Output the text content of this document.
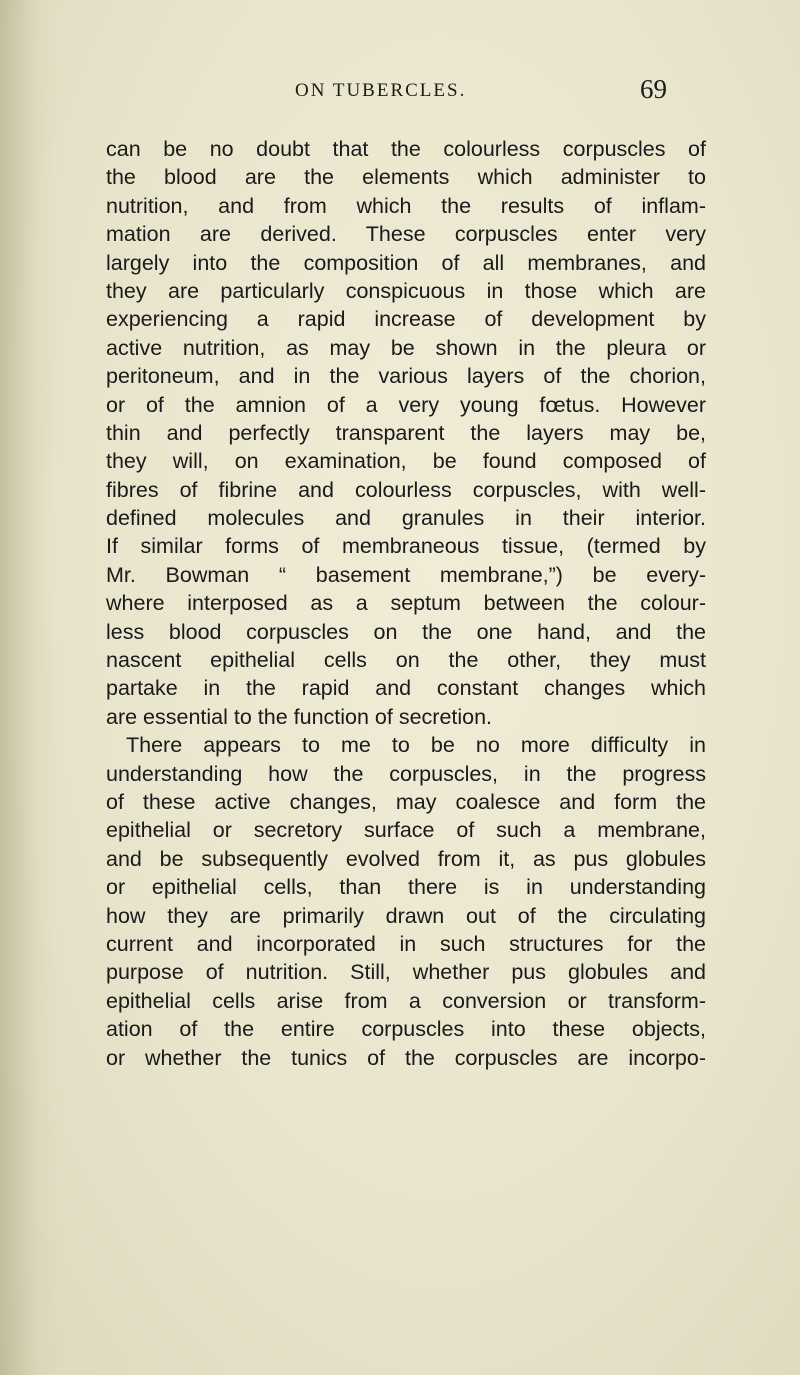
ON TUBERCLES.	69
can be no doubt that the colourless corpuscles of
the blood are the elements which administer to
nutrition, and from which the results of inflam-
mation are derived. These corpuscles enter very
largely into the composition of all membranes, and
they are particularly conspicuous in those which are
experiencing a rapid increase of development by
active nutrition, as may be shown in the pleura or
peritoneum, and in the various layers of the chorion,
or of the amnion of a very young fœtus. However
thin and perfectly transparent the layers may be,
they will, on examination, be found composed of
fibres of fibrine and colourless corpuscles, with well-
defined molecules and granules in their interior.
If similar forms of membraneous tissue, (termed by
Mr. Bowman “ basement membrane,”) be every-
where interposed as a septum between the colour-
less blood corpuscles on the one hand, and the
nascent epithelial cells on the other, they must
partake in the rapid and constant changes which
are essential to the function of secretion.
There appears to me to be no more difficulty in
understanding how the corpuscles, in the progress
of these active changes, may coalesce and form the
epithelial or secretory surface of such a membrane,
and be subsequently evolved from it, as pus globules
or epithelial cells, than there is in understanding
how they are primarily drawn out of the circulating
current and incorporated in such structures for the
purpose of nutrition. Still, whether pus globules and
epithelial cells arise from a conversion or transform-
ation of the entire corpuscles into these objects,
or whether the tunics of the corpuscles are incorpo-
